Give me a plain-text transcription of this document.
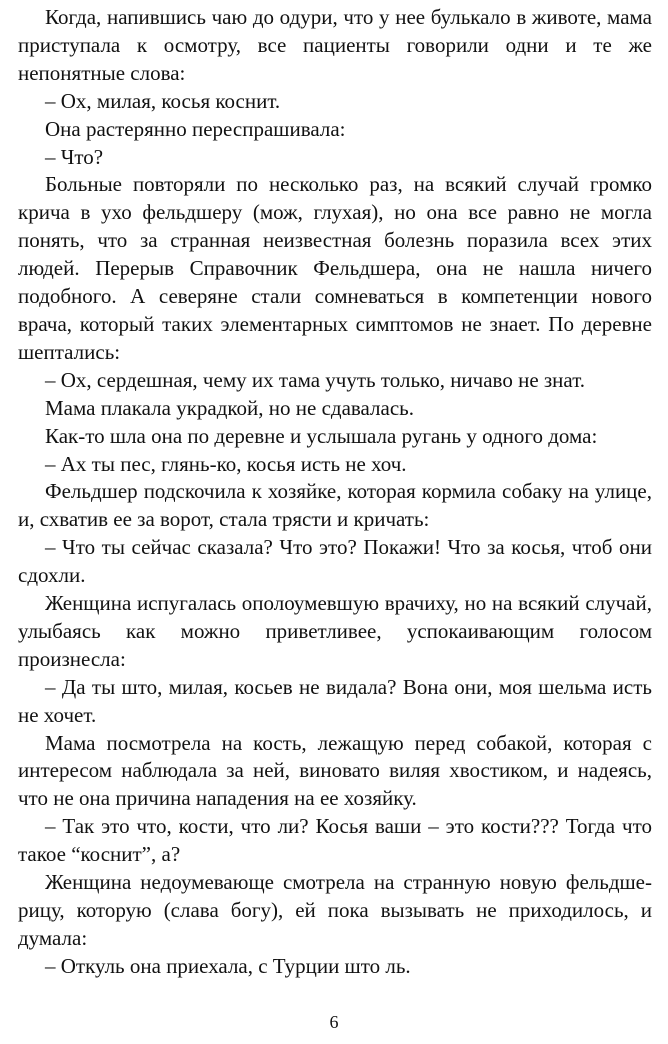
Когда, напившись чаю до одури, что у нее булькало в животе, мама приступала к осмотру, все пациенты говорили одни и те же непонятные слова:

– Ох, милая, косья коснит.

Она растерянно переспрашивала:

– Что?

Больные повторяли по несколько раз, на всякий случай громко крича в ухо фельдшеру (мож, глухая), но она все равно не могла понять, что за странная неизвестная болезнь поразила всех этих людей. Перерыв Справочник Фельдшера, она не нашла ничего подобного. А северяне стали сомневаться в компетенции нового врача, который таких элементарных симптомов не знает. По деревне шептались:

– Ох, сердешная, чему их тама учуть только, ничаво не знат.

Мама плакала украдкой, но не сдавалась.

Как-то шла она по деревне и услышала ругань у одного дома:

– Ах ты пес, глянь-ко, косья исть не хоч.

Фельдшер подскочила к хозяйке, которая кормила собаку на улице, и, схватив ее за ворот, стала трясти и кричать:

– Что ты сейчас сказала? Что это? Покажи! Что за косья, чтоб они сдохли.

Женщина испугалась ополоумевшую врачиху, но на всякий случай, улыбаясь как можно приветливее, успокаивающим голосом произнесла:

– Да ты што, милая, косьев не видала? Вона они, моя шельма исть не хочет.

Мама посмотрела на кость, лежащую перед собакой, которая с интересом наблюдала за ней, виновато виляя хвостиком, и надеясь, что не она причина нападения на ее хозяйку.

– Так это что, кости, что ли? Косья ваши – это кости??? Тогда что такое “коснит”, а?

Женщина недоумевающе смотрела на странную новую фельдшерицу, которую (слава богу), ей пока вызывать не приходилось, и думала:

– Откуль она приехала, с Турции што ль.

6
